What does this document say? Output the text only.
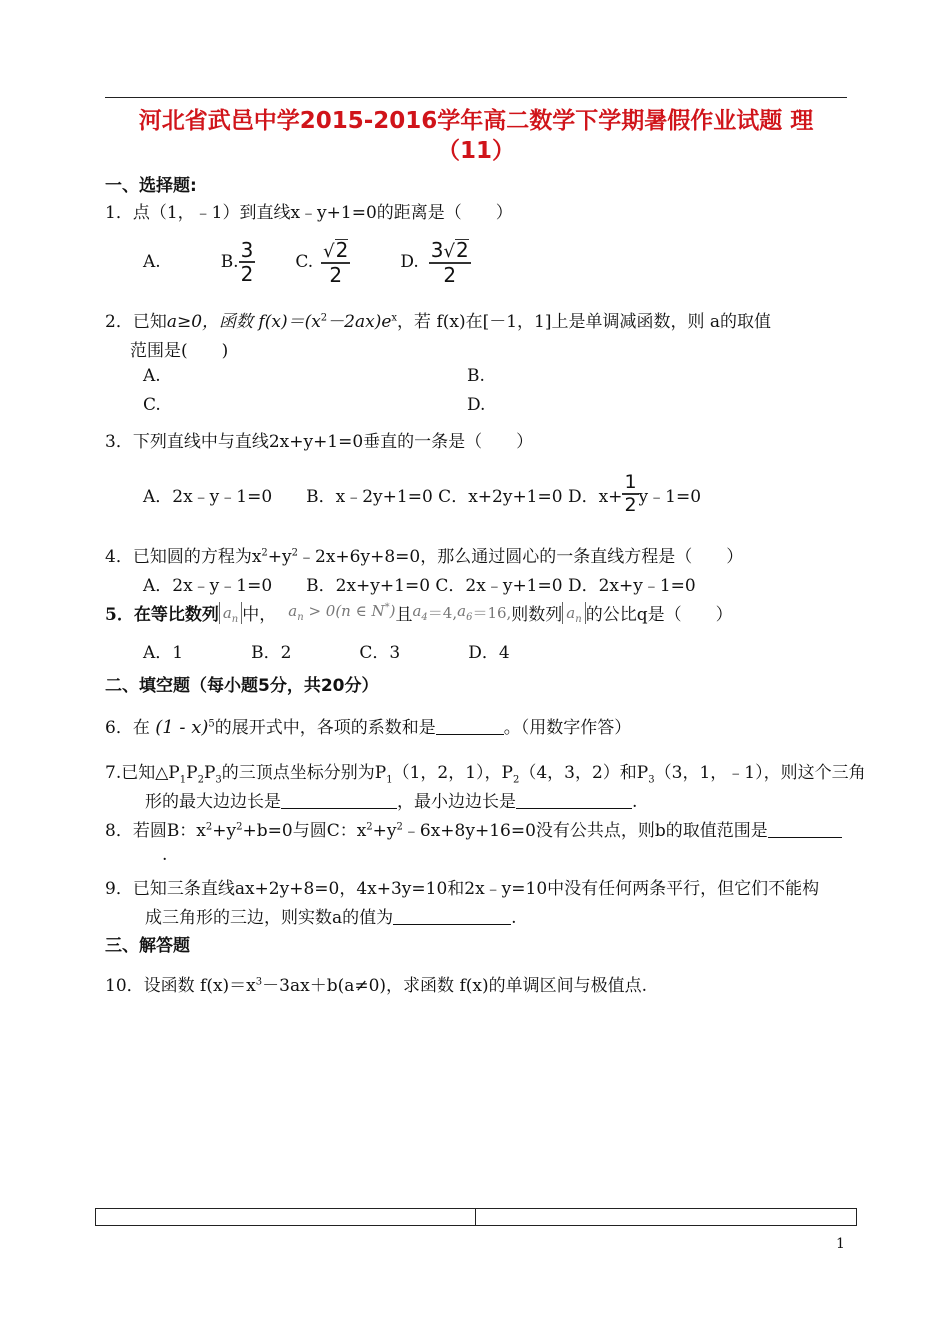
河北省武邑中学2015-2016学年高二数学下学期暑假作业试题 理
（11）
一、选择题:
1．点（1，﹣1）到直线x﹣y+1=0的距离是（　　）
A.	B. $\frac{3}{2} C$. $\frac{√2}{2}$	D. $\frac{3√2}{2}$
2．已知a≥0，函数 $f(x)=(x^2-2ax)e^x$，若 f(x)在[－1，1]上是单调减函数，则 a的取值
范围是(　　)
A.	B.
C.	D.
3．下列直线中与直线2x+y+1=0垂直的一条是（　　）
A．2x﹣y﹣1=0　　B．x﹣2y+1=0 C．x+2y+1=0 D．$x+ \frac{1}{2}$ y﹣1=0
4．已知圆的方程为$x^2+y^2﹣2x+6y+8=0$，那么通过圆心的一条直线方程是（　　）
A．2x﹣y﹣1=0　　B．2x+y+1=0 C．2x﹣y+1=0 D．2x+y﹣1=0
5．在等比数列 $a_n$ 中， $a_n > 0(n$ ∈ N*) 且 $a_4 =4$, $a_6 =16$, 则数列 $a_n$ 的公比q是（　　）
A．1　　　　B．2　　　　C．3　　　　D．4
二、填空题（每小题5分，共20分）
6．在 (1 - x)$^5$的展开式中，各项的系数和是	。（用数字作答）
7.已知$\triangle P_1P_2P_3$的三顶点坐标分别为$P_1(1$，2，1），$P_2(4$，3，2）和$P_3(3$，1，﹣1），则这个三角
形的最大边边长是	，最小边边长是	.
8．若圆B：$x^2+y^2+b=0$与圆C：$x^2+y^2﹣6x+8y+16=0$没有公共点，则b的取值范围是
.
9．已知三条直线ax+2y+8=0，4x+3y=10和2x﹣y=10中没有任何两条平行，但它们不能构
成三角形的三边，则实数a的值为	.
三、解答题
10．设函数 $f(x)=x^3-3ax+b(a\ne 0)$，求函数 f(x)的单调区间与极值点.
1
